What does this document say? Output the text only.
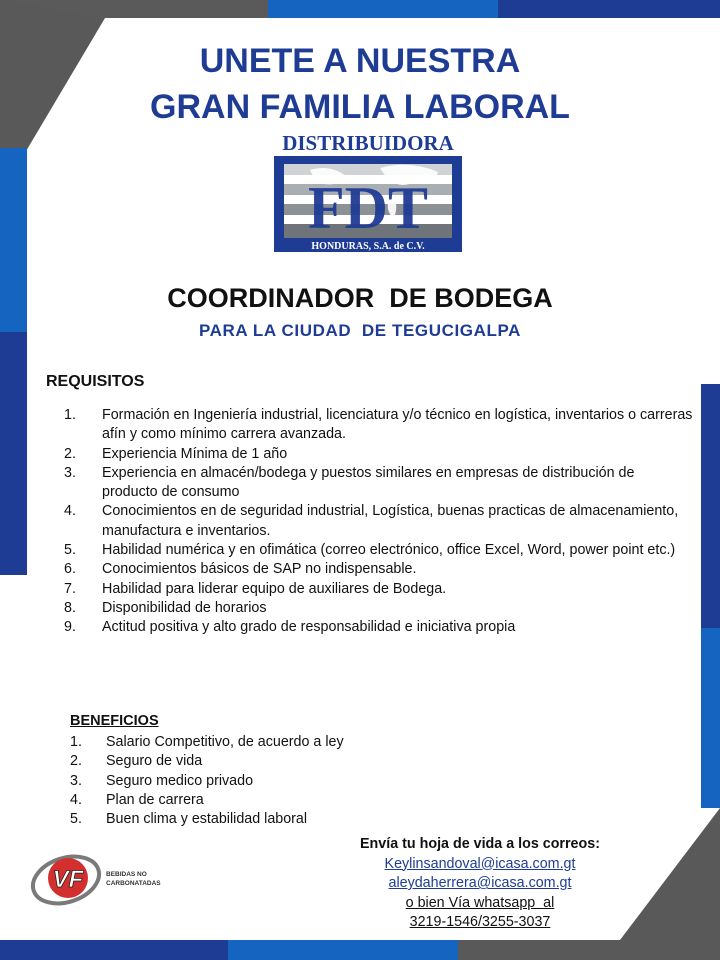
UNETE A NUESTRA
GRAN FAMILIA LABORAL
DISTRIBUIDORA
FDT
HONDURAS, S.A. de C.V.
COORDINADOR  DE BODEGA
PARA LA CIUDAD  DE TEGUCIGALPA
REQUISITOS
1.	Formación en Ingeniería industrial, licenciatura y/o técnico en logística, inventarios o carreras afín y como mínimo carrera avanzada.
2.	Experiencia Mínima de 1 año
3.	Experiencia en almacén/bodega y puestos similares en empresas de distribución de producto de consumo
4.	Conocimientos en de seguridad industrial, Logística, buenas practicas de almacenamiento, manufactura e inventarios.
5.	Habilidad numérica y en ofimática (correo electrónico, office Excel, Word, power point etc.)
6.	Conocimientos básicos de SAP no indispensable.
7.	Habilidad para liderar equipo de auxiliares de Bodega.
8.	Disponibilidad de horarios
9.	Actitud positiva y alto grado de responsabilidad e iniciativa propia
BENEFICIOS
1.	Salario Competitivo, de acuerdo a ley
2.	Seguro de vida
3.	Seguro medico privado
4.	Plan de carrera
5.	Buen clima y estabilidad laboral
Envía tu hoja de vida a los correos:
Keylinsandoval@icasa.com.gt
aleydaherrera@icasa.com.gt
o bien Vía whatsapp  al
3219-1546/3255-3037
VF	BEBIDAS NO
CARBONATADAS
